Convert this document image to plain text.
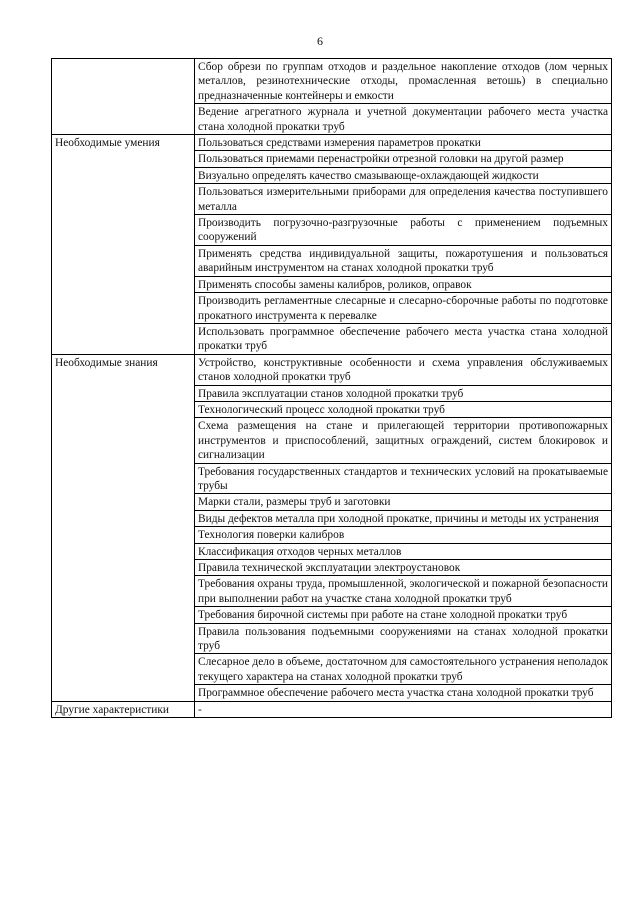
6
	Сбор обрези по группам отходов и раздельное накопление отходов (лом черных металлов, резинотехнические отходы, промасленная ветошь) в специально предназначенные контейнеры и емкости
	Ведение агрегатного журнала и учетной документации рабочего места участка стана холодной прокатки труб
Необходимые умения	Пользоваться средствами измерения параметров прокатки
	Пользоваться приемами перенастройки отрезной головки на другой размер
	Визуально определять качество смазывающе-охлаждающей жидкости
	Пользоваться измерительными приборами для определения качества поступившего металла
	Производить погрузочно-разгрузочные работы с применением подъемных сооружений
	Применять средства индивидуальной защиты, пожаротушения и пользоваться аварийным инструментом на станах холодной прокатки труб
	Применять способы замены калибров, роликов, оправок
	Производить регламентные слесарные и слесарно-сборочные работы по подготовке прокатного инструмента к перевалке
	Использовать программное обеспечение рабочего места участка стана холодной прокатки труб
Необходимые знания	Устройство, конструктивные особенности и схема управления обслуживаемых станов холодной прокатки труб
	Правила эксплуатации станов холодной прокатки труб
	Технологический процесс холодной прокатки труб
	Схема размещения на стане и прилегающей территории противопожарных инструментов и приспособлений, защитных ограждений, систем блокировок и сигнализации
	Требования государственных стандартов и технических условий на прокатываемые трубы
	Марки стали, размеры труб и заготовки
	Виды дефектов металла при холодной прокатке, причины и методы их устранения
	Технология поверки калибров
	Классификация отходов черных металлов
	Правила технической эксплуатации электроустановок
	Требования охраны труда, промышленной, экологической и пожарной безопасности при выполнении работ на участке стана холодной прокатки труб
	Требования бирочной системы при работе на стане холодной прокатки труб
	Правила пользования подъемными сооружениями на станах холодной прокатки труб
	Слесарное дело в объеме, достаточном для самостоятельного устранения неполадок текущего характера на станах холодной прокатки труб
	Программное обеспечение рабочего места участка стана холодной прокатки труб
Другие характеристики	-
